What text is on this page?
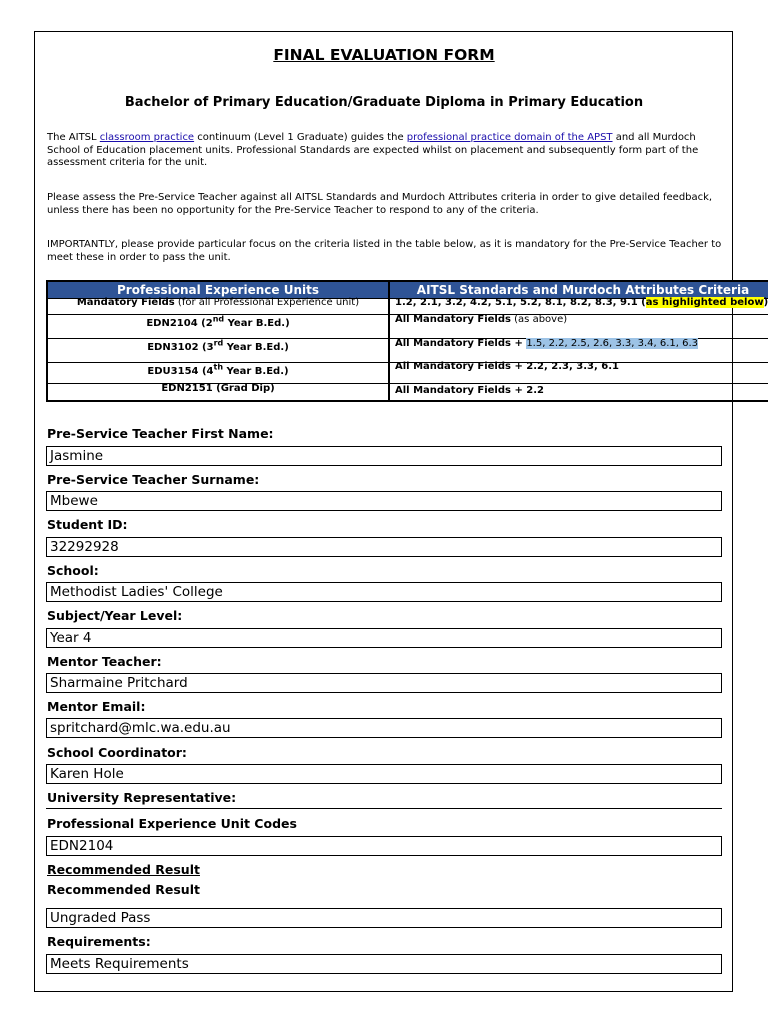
FINAL EVALUATION FORM
Bachelor of Primary Education/Graduate Diploma in Primary Education
The AITSL classroom practice continuum (Level 1 Graduate) guides the professional practice domain of the APST and all Murdoch School of Education placement units. Professional Standards are expected whilst on placement and subsequently form part of the assessment criteria for the unit.
Please assess the Pre-Service Teacher against all AITSL Standards and Murdoch Attributes criteria in order to give detailed feedback, unless there has been no opportunity for the Pre-Service Teacher to respond to any of the criteria.
IMPORTANTLY, please provide particular focus on the criteria listed in the table below, as it is mandatory for the Pre-Service Teacher to meet these in order to pass the unit.
Professional Experience Units	AITSL Standards and Murdoch Attributes Criteria
Mandatory Fields (for all Professional Experience unit)	1.2, 2.1, 3.2, 4.2, 5.1, 5.2, 8.1, 8.2, 8.3, 9.1 (as highlighted below)
EDN2104 (2nd Year B.Ed.)	All Mandatory Fields (as above)
EDN3102 (3rd Year B.Ed.)	All Mandatory Fields + 1.5, 2.2, 2.5, 2.6, 3.3, 3.4, 6.1, 6.3
EDU3154 (4th Year B.Ed.)	All Mandatory Fields + 2.2, 2.3, 3.3, 6.1
EDN2151 (Grad Dip)	All Mandatory Fields + 2.2
Pre-Service Teacher First Name:
Jasmine
Pre-Service Teacher Surname:
Mbewe
Student ID:
32292928
School:
Methodist Ladies' College
Subject/Year Level:
Year 4
Mentor Teacher:
Sharmaine Pritchard
Mentor Email:
spritchard@mlc.wa.edu.au
School Coordinator:
Karen Hole
University Representative:
Professional Experience Unit Codes
EDN2104
Recommended Result
Recommended Result
Ungraded Pass
Requirements:
Meets Requirements
